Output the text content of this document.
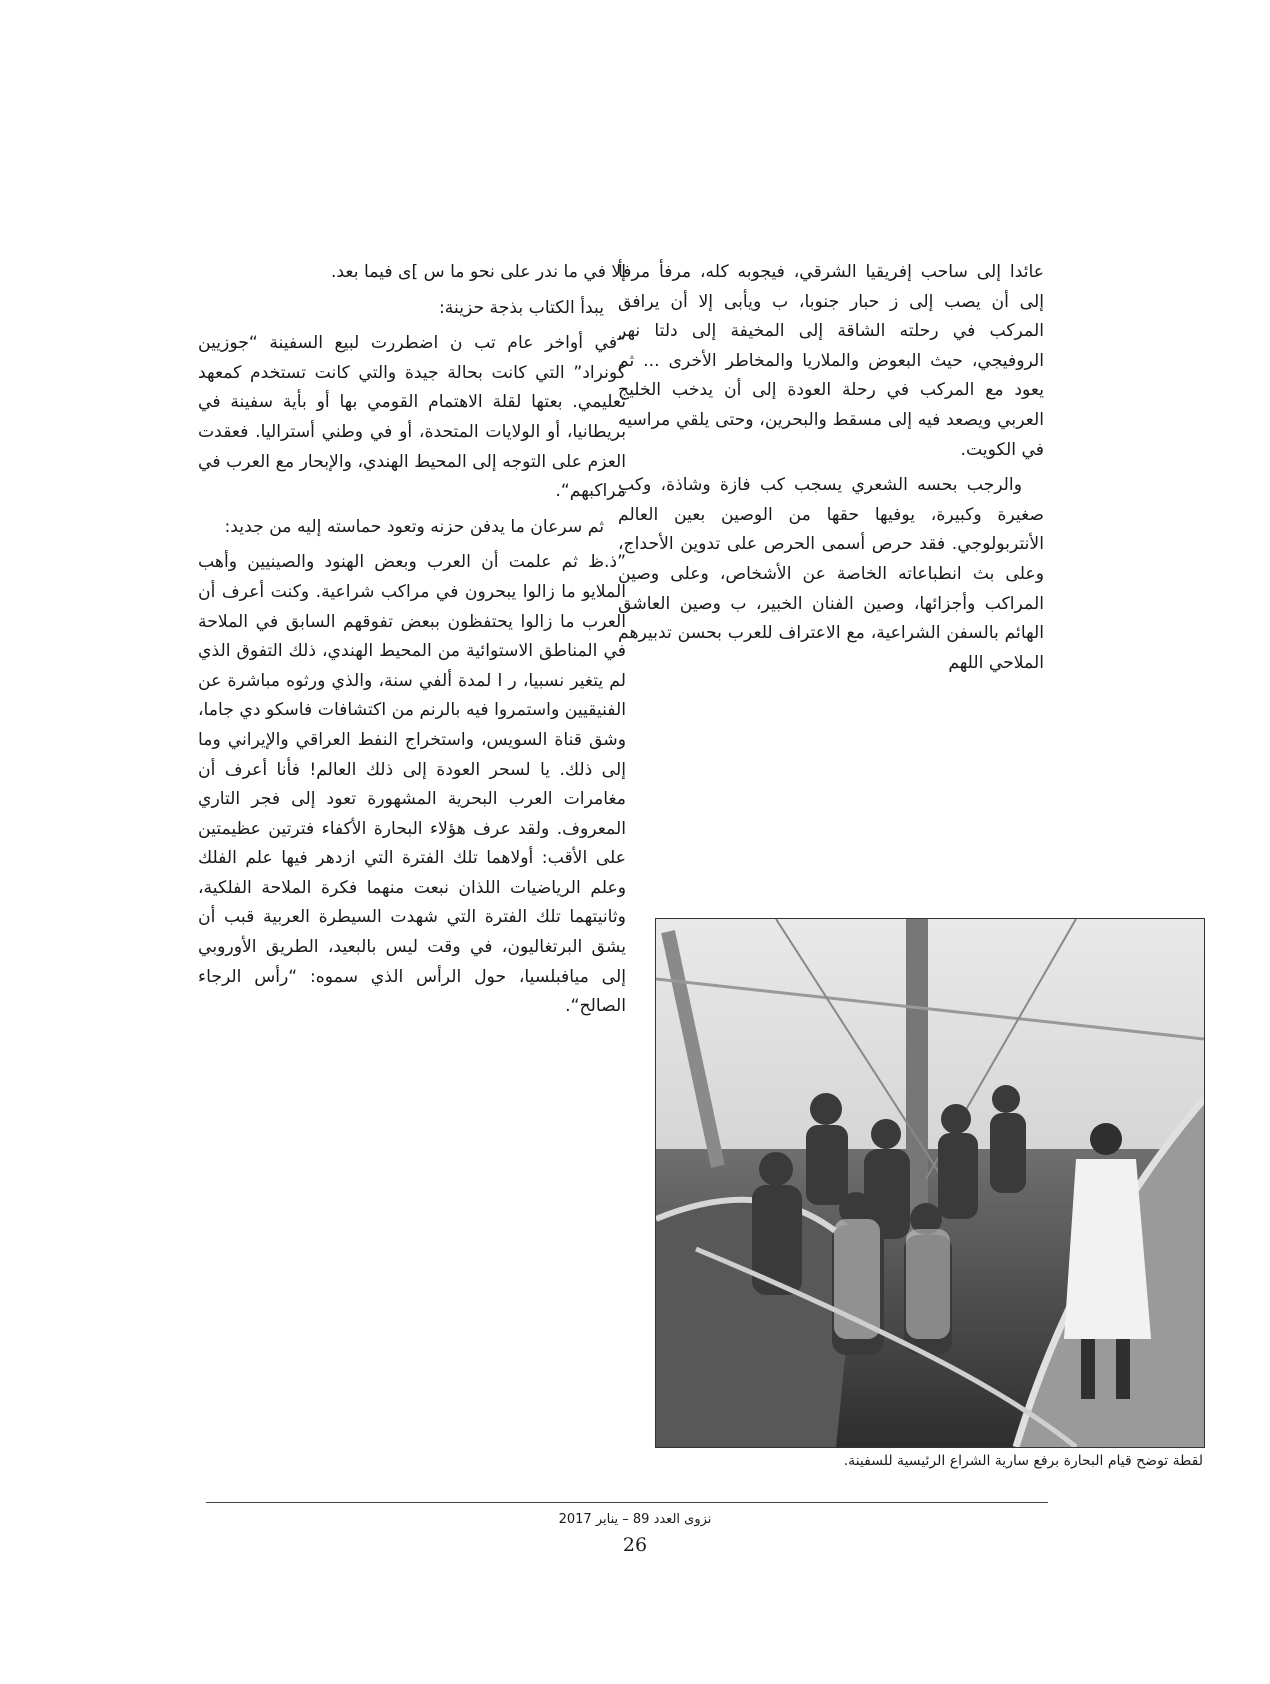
عائدا إلى ساحب إفريقيا الشرقي، فيجوبه كله، مرفأ مرفأ إلى أن يصب إلى ز حبار جنوبا، ب ويأبى إلا أن يرافق المركب في رحلته الشاقة إلى المخيفة إلى دلتا نهر الروفيجي، حيث البعوض والملاريا والمخاطر الأخرى ... ثم يعود مع المركب في رحلة العودة إلى أن يدخب الخليج العربي ويصعد فيه إلى مسقط والبحرين، وحتى يلقي مراسيه في الكويت.

والرجب بحسه الشعري يسجب كب فازة وشاذة، وكب صغيرة وكبيرة، يوفيها حقها من الوصين بعين العالم الأنتربولوجي. فقد حرص أسمى الحرص على تدوين الأحداج، وعلى بث انطباعاته الخاصة عن الأشخاص، وعلى وصين المراكب وأجزائها، وصين الفنان الخبير، ب وصين العاشق الهائم بالسفن الشراعية، مع الاعتراف للعرب بحسن تدبيرهم الملاحي اللهم

إلا في ما ندر على نحو ما س ]ى فيما بعد.

يبدأ الكتاب بذجة حزينة:

”في أواخر عام تب ن اضطررت لبيع السفينة “جوزيين كونراد” التي كانت بحالة جيدة والتي كانت تستخدم كمعهد تعليمي. بعتها لقلة الاهتمام القومي بها أو بأية سفينة في بريطانيا، أو الولايات المتحدة، أو في وطني أستراليا. فعقدت العزم على التوجه إلى المحيط الهندي، والإبحار مع العرب في مراكبهم“.

ثم سرعان ما يدفن حزنه وتعود حماسته إليه من جديد:

”ذ.ظ ثم علمت أن العرب وبعض الهنود والصينيين وأهب الملايو ما زالوا يبحرون في مراكب شراعية. وكنت أعرف أن العرب ما زالوا يحتفظون ببعض تفوقهم السابق في الملاحة في المناطق الاستوائية من المحيط الهندي، ذلك التفوق الذي لم يتغير نسبيا، ر ا لمدة ألفي سنة، والذي ورثوه مباشرة عن الفنيقيين واستمروا فيه بالرنم من اكتشافات فاسكو دي جاما، وشق قناة السويس، واستخراج النفط العراقي والإيراني وما إلى ذلك. يا لسحر العودة إلى ذلك العالم! فأنا أعرف أن مغامرات العرب البحرية المشهورة تعود إلى فجر التاري المعروف. ولقد عرف هؤلاء البحارة الأكفاء فترتين عظيمتين على الأقب: أولاهما تلك الفترة التي ازدهر فيها علم الفلك وعلم الرياضيات اللذان نبعت منهما فكرة الملاحة الفلكية، وثانيتهما تلك الفترة التي شهدت السيطرة العربية قبب أن يشق البرتغاليون، في وقت ليس بالبعيد، الطريق الأوروبي إلى ميافبلسيا، حول الرأس الذي سموه: “رأس الرجاء الصالح“.

لقطة توضح قيام البحارة برفع سارية الشراع الرئيسية للسفينة.
نزوى العدد 89 – يناير 2017
26
